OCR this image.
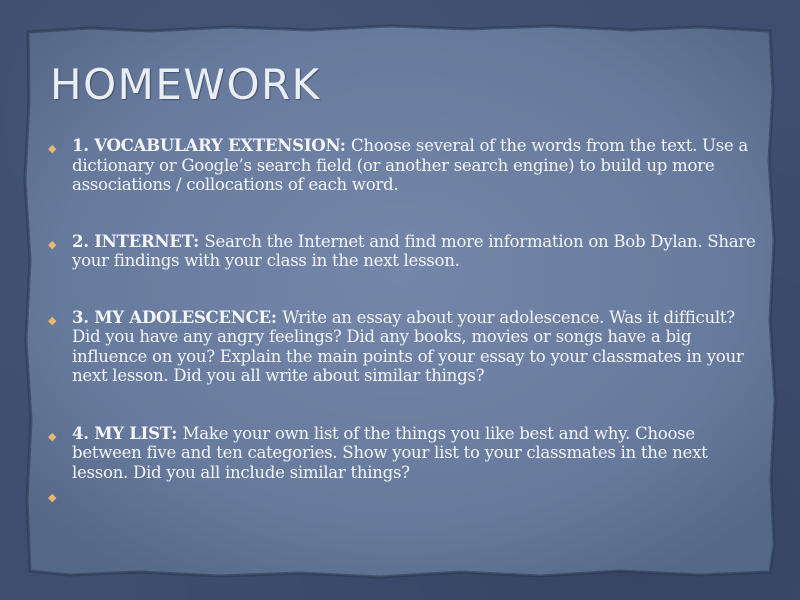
HOMEWORK
◆ 1. VOCABULARY EXTENSION: Choose several of the words from the text. Use a dictionary or Google’s search field (or another search engine) to build up more associations / collocations of each word.
◆ 2. INTERNET: Search the Internet and find more information on Bob Dylan. Share your findings with your class in the next lesson.
◆ 3. MY ADOLESCENCE: Write an essay about your adolescence. Was it difficult? Did you have any angry feelings? Did any books, movies or songs have a big influence on you? Explain the main points of your essay to your classmates in your next lesson. Did you all write about similar things?
◆ 4. MY LIST: Make your own list of the things you like best and why. Choose between five and ten categories. Show your list to your classmates in the next lesson. Did you all include similar things?
◆
